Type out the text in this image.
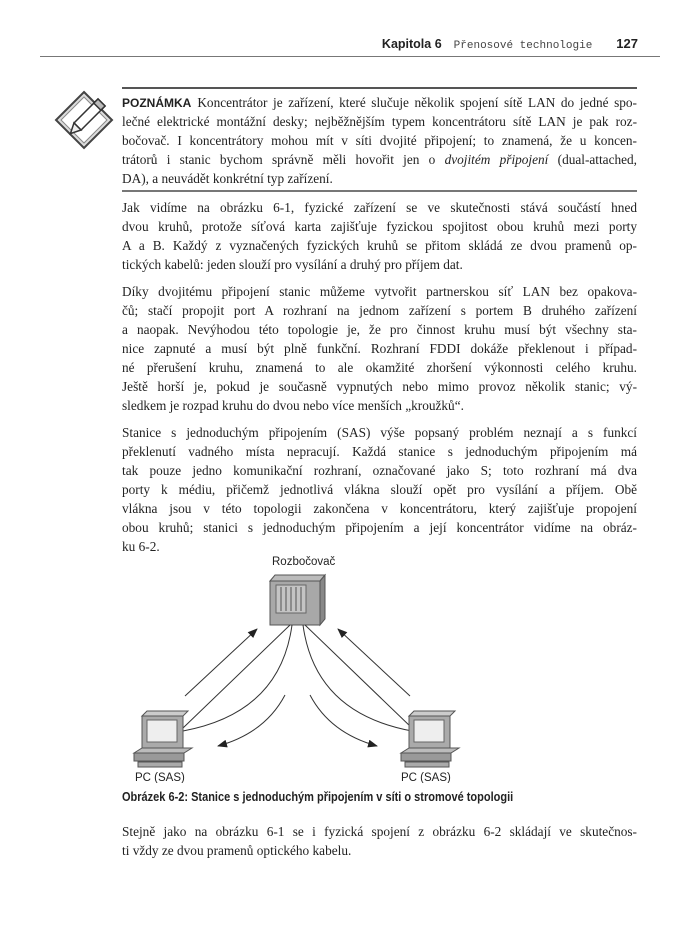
Kapitola 6 Přenosové technologie 127
POZNÁMKA Koncentrátor je zařízení, které slučuje několik spojení sítě LAN do jedné spo-
lečné elektrické montážní desky; nejběžnějším typem koncentrátoru sítě LAN je pak roz-
bočovač. I koncentrátory mohou mít v síti dvojité připojení; to znamená, že u koncen-
trátorů i stanic bychom správně měli hovořit jen o dvojitém připojení (dual-attached,
DA), a neuvádět konkrétní typ zařízení.
Jak vidíme na obrázku 6-1, fyzické zařízení se ve skutečnosti stává součástí hned
dvou kruhů, protože síťová karta zajišťuje fyzickou spojitost obou kruhů mezi porty
A a B. Každý z vyznačených fyzických kruhů se přitom skládá ze dvou pramenů op-
tických kabelů: jeden slouží pro vysílání a druhý pro příjem dat.
Díky dvojitému připojení stanic můžeme vytvořit partnerskou síť LAN bez opakova-
čů; stačí propojit port A rozhraní na jednom zařízení s portem B druhého zařízení
a naopak. Nevýhodou této topologie je, že pro činnost kruhu musí být všechny sta-
nice zapnuté a musí být plně funkční. Rozhraní FDDI dokáže překlenout i případ-
né přerušení kruhu, znamená to ale okamžité zhoršení výkonnosti celého kruhu.
Ještě horší je, pokud je současně vypnutých nebo mimo provoz několik stanic; vý-
sledkem je rozpad kruhu do dvou nebo více menších „kroužků“.
Stanice s jednoduchým připojením (SAS) výše popsaný problém neznají a s funkcí
překlenutí vadného místa nepracují. Každá stanice s jednoduchým připojením má
tak pouze jedno komunikační rozhraní, označované jako S; toto rozhraní má dva
porty k médiu, přičemž jednotlivá vlákna slouží opět pro vysílání a příjem. Obě
vlákna jsou v této topologii zakončena v koncentrátoru, který zajišťuje propojení
obou kruhů; stanici s jednoduchým připojením a její koncentrátor vidíme na obráz-
ku 6-2.
Rozbočovač
PC (SAS)	PC (SAS)
Obrázek 6-2: Stanice s jednoduchým připojením v síti o stromové topologii
Stejně jako na obrázku 6-1 se i fyzická spojení z obrázku 6-2 skládají ve skutečnos-
ti vždy ze dvou pramenů optického kabelu.
